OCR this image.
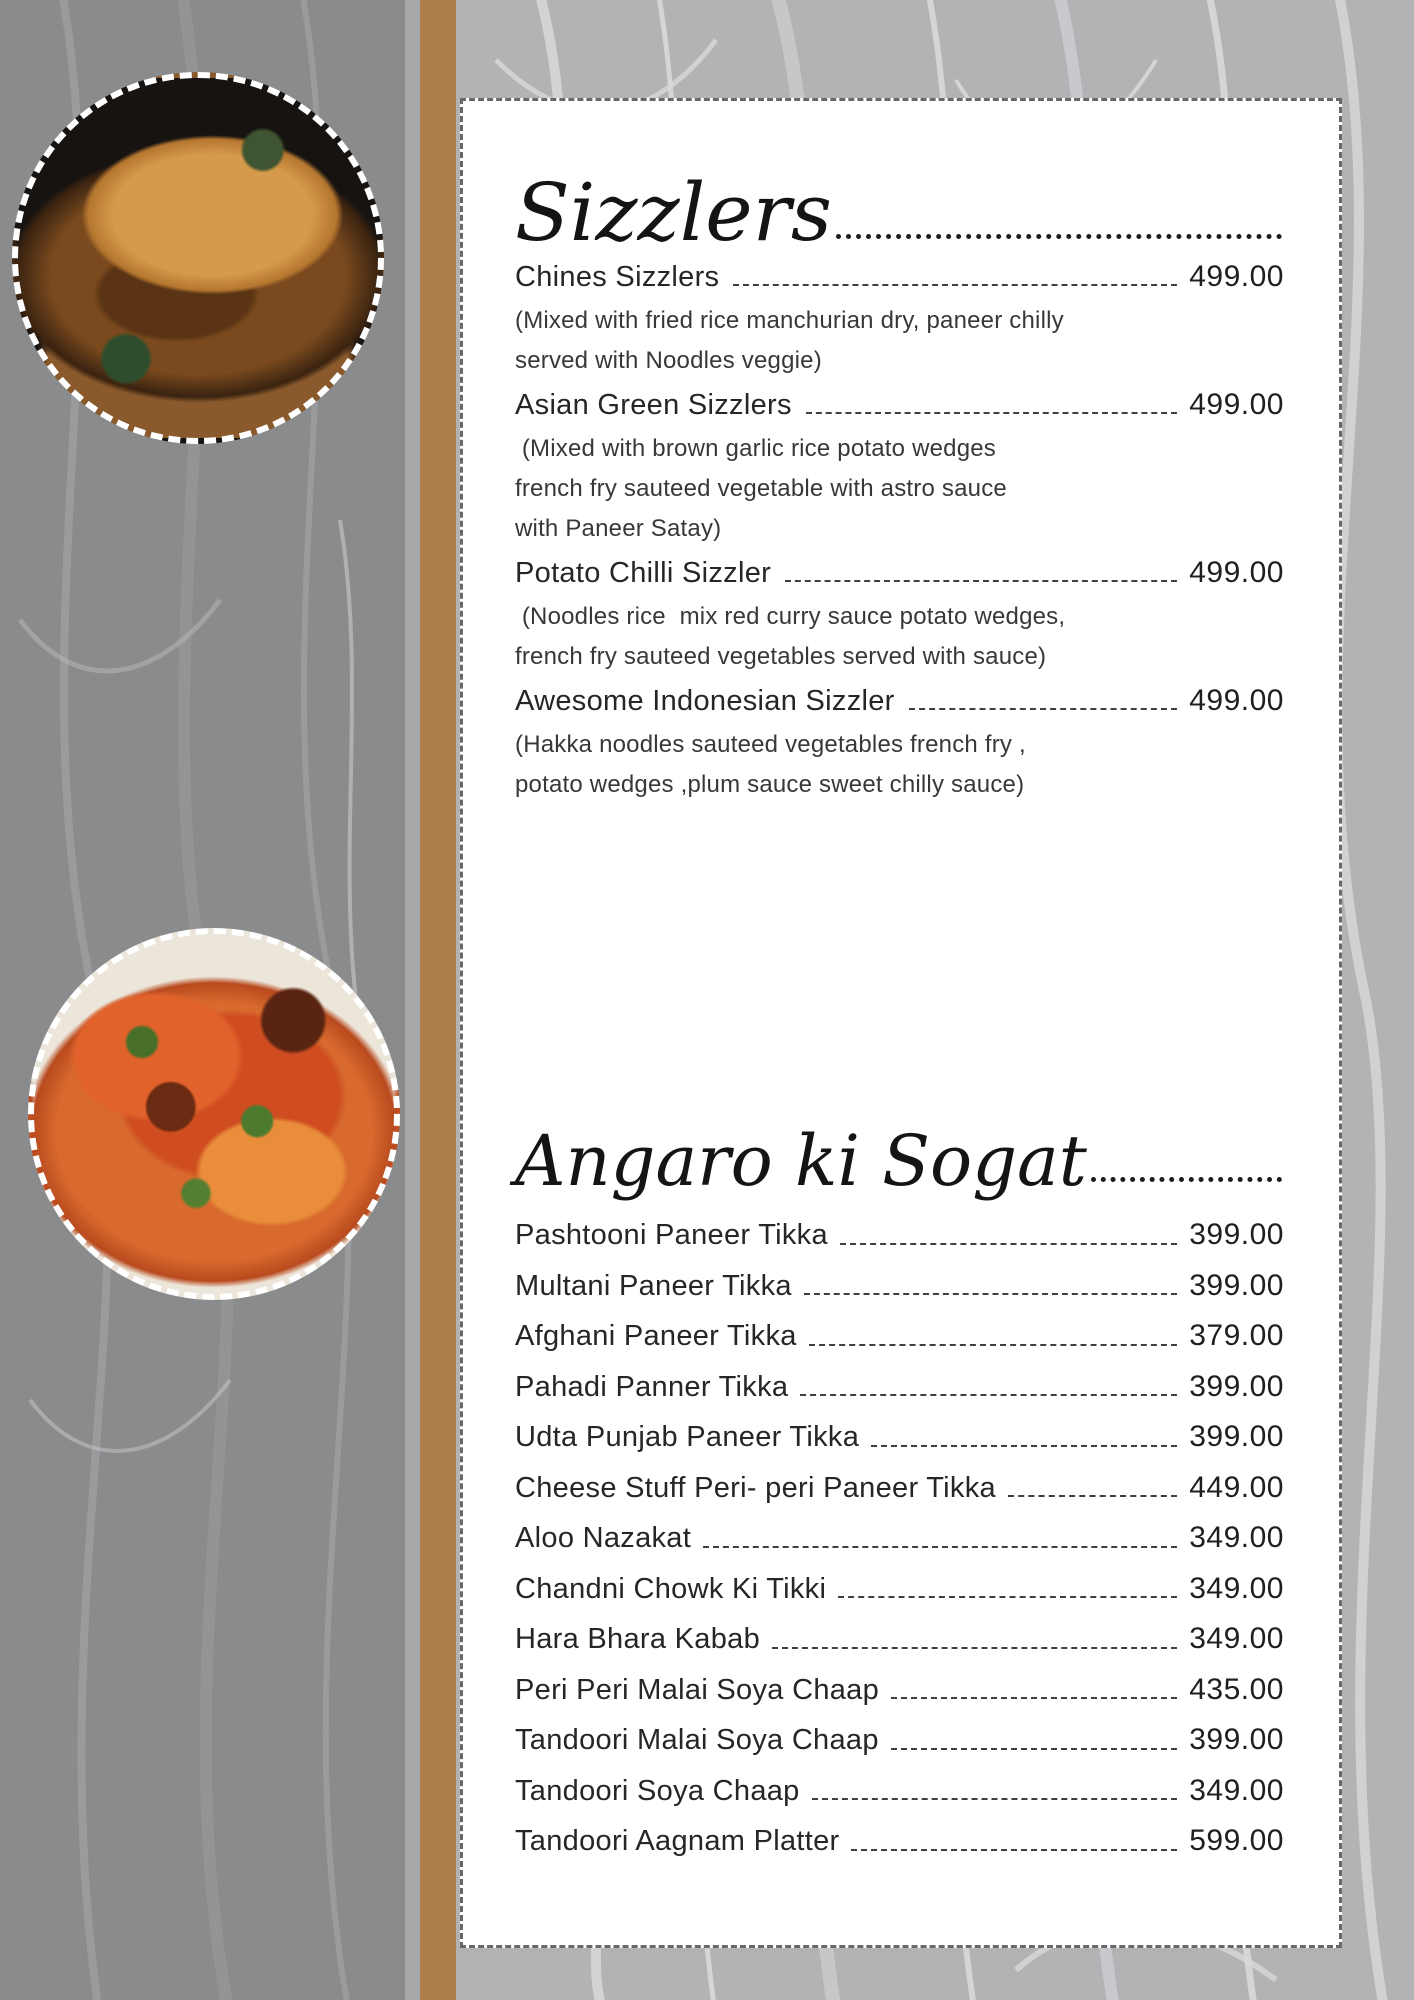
Sizzlers
Chines Sizzlers	499.00
(Mixed with fried rice manchurian dry, paneer chilly
served with Noodles veggie)
Asian Green Sizzlers	499.00
(Mixed with brown garlic rice potato wedges
french fry sauteed vegetable with astro sauce
with Paneer Satay)
Potato Chilli Sizzler	499.00
(Noodles rice  mix red curry sauce potato wedges,
french fry sauteed vegetables served with sauce)
Awesome Indonesian Sizzler	499.00
(Hakka noodles sauteed vegetables french fry ,
potato wedges ,plum sauce sweet chilly sauce)
Angaro ki Sogat
Pashtooni Paneer Tikka	399.00
Multani Paneer Tikka	399.00
Afghani Paneer Tikka	379.00
Pahadi Panner Tikka	399.00
Udta Punjab Paneer Tikka	399.00
Cheese Stuff Peri- peri Paneer Tikka	449.00
Aloo Nazakat	349.00
Chandni Chowk Ki Tikki	349.00
Hara Bhara Kabab	349.00
Peri Peri Malai Soya Chaap	435.00
Tandoori Malai Soya Chaap	399.00
Tandoori Soya Chaap	349.00
Tandoori Aagnam Platter	599.00
